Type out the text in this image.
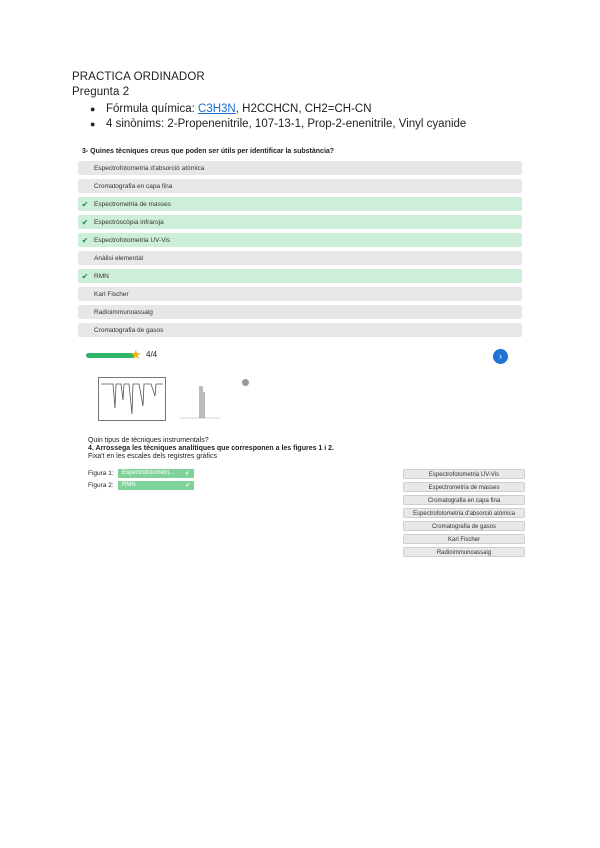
PRACTICA ORDINADOR
Pregunta 2
● Fórmula química: C3H3N, H2CCHCN, CH2=CH-CN
● 4 sinònims: 2-Propenenitrile, 107-13-1, Prop-2-enenitrile, Vinyl cyanide
3- Quines tècniques creus que poden ser útils per identificar la substància?
Espectrofotometria d'absorció atòmica
Cromatografia en capa fina
✔ Espectrometria de masses
✔ Espectròscòpia infraroja
✔ Espectrofotometria UV-Vis
Anàlisi elemental
✔ RMN
Karl Fischer
Radioimmunoassaig
Cromatografia de gasos
★ 4/4	›
Quin tipus de tècniques instrumentals?
4. Arrossega les tècniques analítiques que corresponen a les figures 1 i 2.
Fixa't en les escales dels registres gràfics
Figura 1:	Espectrofotometri... ✔
Figura 2:	RMN	✔
Espectrofotometria UV-Vis
Espectrometria de masses
Cromatografia en capa fina
Espectrofotometria d'absorció atòmica
Cromatografia de gasos
Karl Fischer
Radioimmunoassaig
